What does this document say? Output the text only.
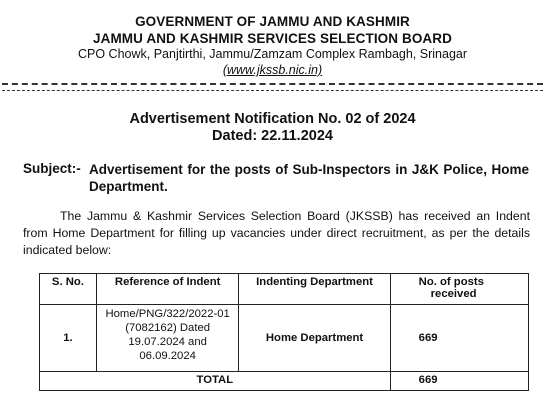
GOVERNMENT OF JAMMU AND KASHMIR
JAMMU AND KASHMIR SERVICES SELECTION BOARD
CPO Chowk, Panjtirthi, Jammu/Zamzam Complex Rambagh, Srinagar
(www.jkssb.nic.in)
Advertisement Notification No. 02 of 2024
Dated: 22.11.2024
Subject:- Advertisement for the posts of Sub-Inspectors in J&K Police, Home Department.
The Jammu & Kashmir Services Selection Board (JKSSB) has received an Indent from Home Department for filling up vacancies under direct recruitment, as per the details indicated below:
S. No.	Reference of Indent	Indenting Department	No. of posts
received
1.	Home/PNG/322/2022-01
(7082162) Dated
19.07.2024 and
06.09.2024	Home Department	669
TOTAL			669
